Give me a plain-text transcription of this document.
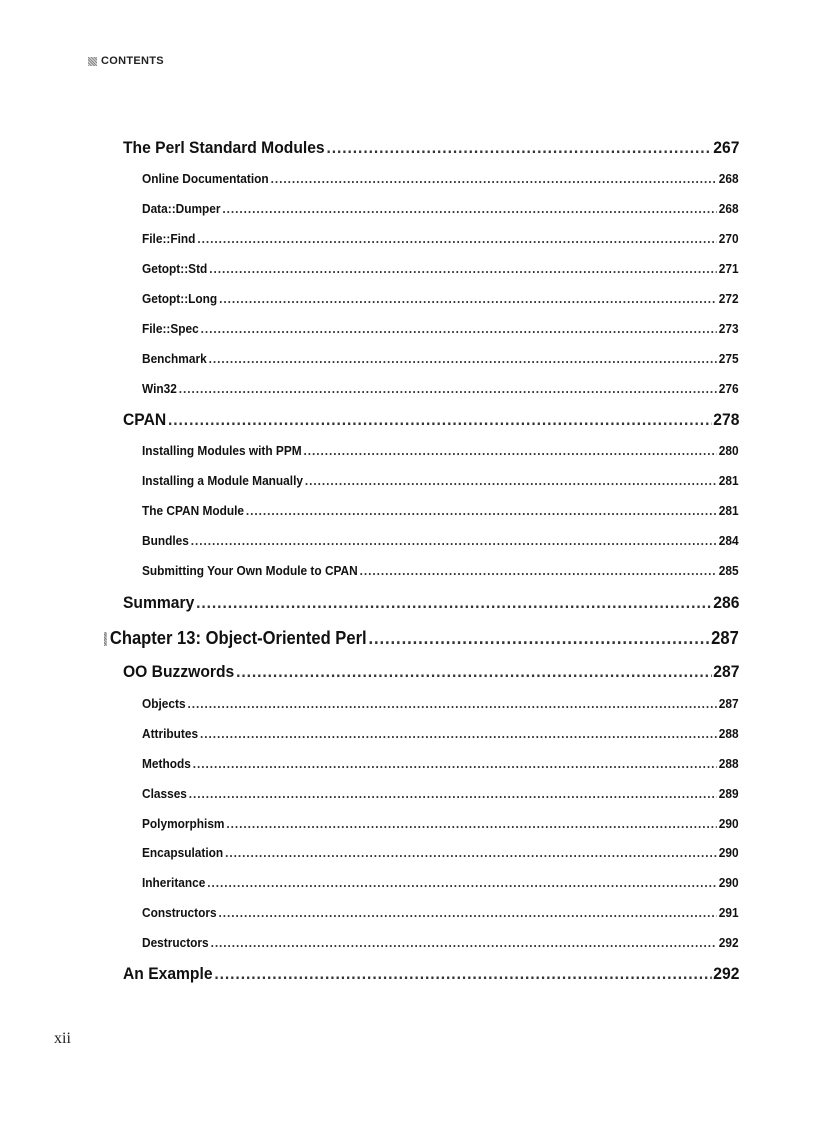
CONTENTS
The Perl Standard Modules .....	267
Online Documentation .....	268
Data::Dumper .....	268
File::Find .....	270
Getopt::Std .....	271
Getopt::Long .....	272
File::Spec .....	273
Benchmark .....	275
Win32 .....	276
CPAN .....	278
Installing Modules with PPM .....	280
Installing a Module Manually .....	281
The CPAN Module .....	281
Bundles .....	284
Submitting Your Own Module to CPAN .....	285
Summary .....	286
Chapter 13: Object-Oriented Perl .....	287
OO Buzzwords .....	287
Objects .....	287
Attributes .....	288
Methods .....	288
Classes .....	289
Polymorphism .....	290
Encapsulation .....	290
Inheritance .....	290
Constructors .....	291
Destructors .....	292
An Example .....	292
xii
